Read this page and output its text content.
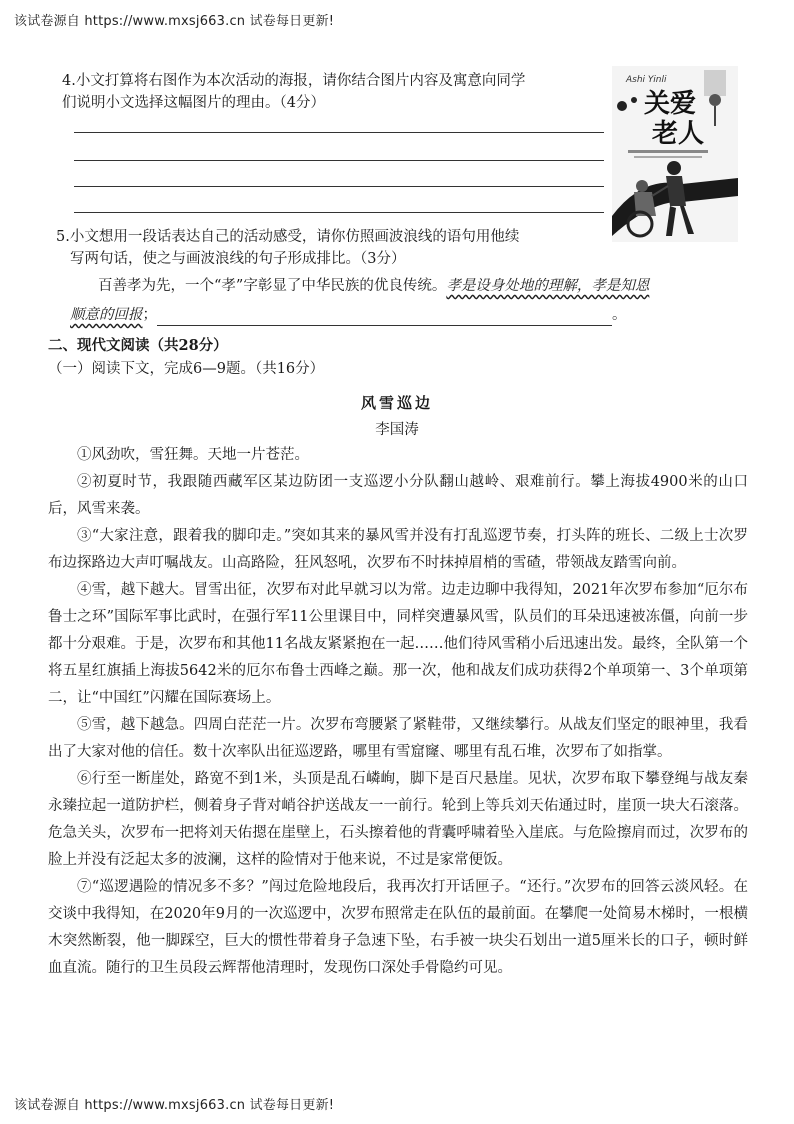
该试卷源自 https://www.mxsj663.cn 试卷每日更新!
4.小文打算将右图作为本次活动的海报，请你结合图片内容及寓意向同学
们说明小文选择这幅图片的理由。（4分）
Ashi Yinli
关爱
老人
5.小文想用一段话表达自己的活动感受，请你仿照画波浪线的语句用他续
写两句话，使之与画波浪线的句子形成排比。（3分）
百善孝为先，一个“孝”字彰显了中华民族的优良传统。孝是设身处地的理解，孝是知恩
顺意的回报；	。
二、现代文阅读（共28分）
（一）阅读下文，完成6—9题。（共16分）
风雪巡边
李国涛

①风劲吹，雪狂舞。天地一片苍茫。

②初夏时节，我跟随西藏军区某边防团一支巡逻小分队翻山越岭、艰难前行。攀上海拔4900米的山口后，风雪来袭。

③“大家注意，跟着我的脚印走。”突如其来的暴风雪并没有打乱巡逻节奏，打头阵的班长、二级上士次罗布边探路边大声叮嘱战友。山高路险，狂风怒吼，次罗布不时抹掉眉梢的雪碴，带领战友踏雪向前。

④雪，越下越大。冒雪出征，次罗布对此早就习以为常。边走边聊中我得知，2021年次罗布参加“厄尔布鲁士之环”国际军事比武时，在强行军11公里课目中，同样突遭暴风雪，队员们的耳朵迅速被冻僵，向前一步都十分艰难。于是，次罗布和其他11名战友紧紧抱在一起……他们待风雪稍小后迅速出发。最终，全队第一个将五星红旗插上海拔5642米的厄尔布鲁士西峰之巅。那一次，他和战友们成功获得2个单项第一、3个单项第二，让“中国红”闪耀在国际赛场上。

⑤雪，越下越急。四周白茫茫一片。次罗布弯腰紧了紧鞋带，又继续攀行。从战友们坚定的眼神里，我看出了大家对他的信任。数十次率队出征巡逻路，哪里有雪窟窿、哪里有乱石堆，次罗布了如指掌。

⑥行至一断崖处，路宽不到1米，头顶是乱石嶙峋，脚下是百尺悬崖。见状，次罗布取下攀登绳与战友秦永臻拉起一道防护栏，侧着身子背对峭谷护送战友一一前行。轮到上等兵刘天佑通过时，崖顶一块大石滚落。危急关头，次罗布一把将刘天佑摁在崖壁上，石头擦着他的背囊呼啸着坠入崖底。与危险擦肩而过，次罗布的脸上并没有泛起太多的波澜，这样的险情对于他来说，不过是家常便饭。

⑦“巡逻遇险的情况多不多？”闯过危险地段后，我再次打开话匣子。“还行。”次罗布的回答云淡风轻。在交谈中我得知，在2020年9月的一次巡逻中，次罗布照常走在队伍的最前面。在攀爬一处简易木梯时，一根横木突然断裂，他一脚踩空，巨大的惯性带着身子急速下坠，右手被一块尖石划出一道5厘米长的口子，顿时鲜血直流。随行的卫生员段云辉帮他清理时，发现伤口深处手骨隐约可见。

该试卷源自 https://www.mxsj663.cn 试卷每日更新!
